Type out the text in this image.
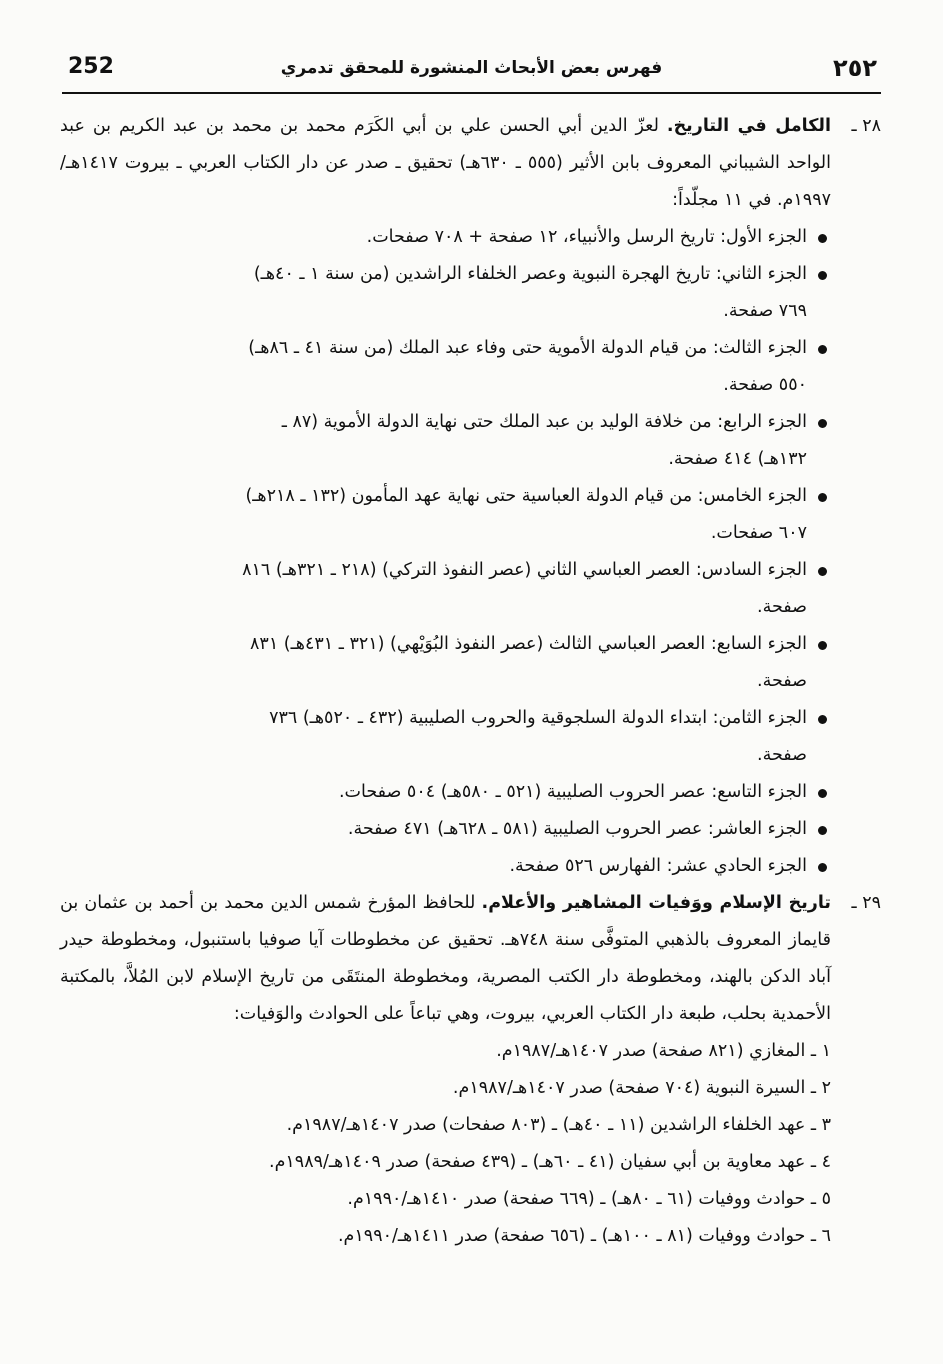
252	فهرس بعض الأبحاث المنشورة للمحقق تدمري	٢٥٢
٢٨ ـ

الكامل في التاريخ. لعزّ الدين أبي الحسن علي بن أبي الكَرَم محمد بن محمد بن عبد الكريم بن عبد الواحد الشيباني المعروف بابن الأثير (٥٥٥ ـ ٦٣٠هـ) تحقيق ـ صدر عن دار الكتاب العربي ـ بيروت ١٤١٧هـ/١٩٩٧م. في ١١ مجلّداً:

الجزء الأول: تاريخ الرسل والأنبياء، ١٢ صفحة + ٧٠٨ صفحات.
الجزء الثاني: تاريخ الهجرة النبوية وعصر الخلفاء الراشدين (من سنة ١ ـ ٤٠هـ)
٧٦٩ صفحة.
الجزء الثالث: من قيام الدولة الأموية حتى وفاء عبد الملك (من سنة ٤١ ـ ٨٦هـ)
٥٥٠ صفحة.
الجزء الرابع: من خلافة الوليد بن عبد الملك حتى نهاية الدولة الأموية (٨٧ ـ
١٣٢هـ) ٤١٤ صفحة.
الجزء الخامس: من قيام الدولة العباسية حتى نهاية عهد المأمون (١٣٢ ـ ٢١٨هـ)
٦٠٧ صفحات.
الجزء السادس: العصر العباسي الثاني (عصر النفوذ التركي) (٢١٨ ـ ٣٢١هـ) ٨١٦
صفحة.
الجزء السابع: العصر العباسي الثالث (عصر النفوذ البُوَيْهي) (٣٢١ ـ ٤٣١هـ) ٨٣١
صفحة.
الجزء الثامن: ابتداء الدولة السلجوقية والحروب الصليبية (٤٣٢ ـ ٥٢٠هـ) ٧٣٦
صفحة.
الجزء التاسع: عصر الحروب الصليبية (٥٢١ ـ ٥٨٠هـ) ٥٠٤ صفحات.
الجزء العاشر: عصر الحروب الصليبية (٥٨١ ـ ٦٢٨هـ) ٤٧١ صفحة.
الجزء الحادي عشر: الفهارس ٥٢٦ صفحة.
٢٩ ـ

تاريخ الإسلام ووَفيات المشاهير والأعلام. للحافظ المؤرخ شمس الدين محمد بن أحمد بن عثمان بن قايماز المعروف بالذهبي المتوفَّى سنة ٧٤٨هـ. تحقيق عن مخطوطات آيا صوفيا باستنبول، ومخطوطة حيدر آباد الدكن بالهند، ومخطوطة دار الكتب المصرية، ومخطوطة المنتَقَى من تاريخ الإسلام لابن المُلاَّ، بالمكتبة الأحمدية بحلب، طبعة دار الكتاب العربي، بيروت، وهي تباعاً على الحوادث والوَفيات:

١ ـ المغازي (٨٢١ صفحة) صدر ١٤٠٧هـ/١٩٨٧م.
٢ ـ السيرة النبوية (٧٠٤ صفحة) صدر ١٤٠٧هـ/١٩٨٧م.
٣ ـ عهد الخلفاء الراشدين (١١ ـ ٤٠هـ) ـ (٨٠٣ صفحات) صدر ١٤٠٧هـ/١٩٨٧م.
٤ ـ عهد معاوية بن أبي سفيان (٤١ ـ ٦٠هـ) ـ (٤٣٩ صفحة) صدر ١٤٠٩هـ/١٩٨٩م.
٥ ـ حوادث ووفيات (٦١ ـ ٨٠هـ) ـ (٦٦٩ صفحة) صدر ١٤١٠هـ/١٩٩٠م.
٦ ـ حوادث ووفيات (٨١ ـ ١٠٠هـ) ـ (٦٥٦ صفحة) صدر ١٤١١هـ/١٩٩٠م.
